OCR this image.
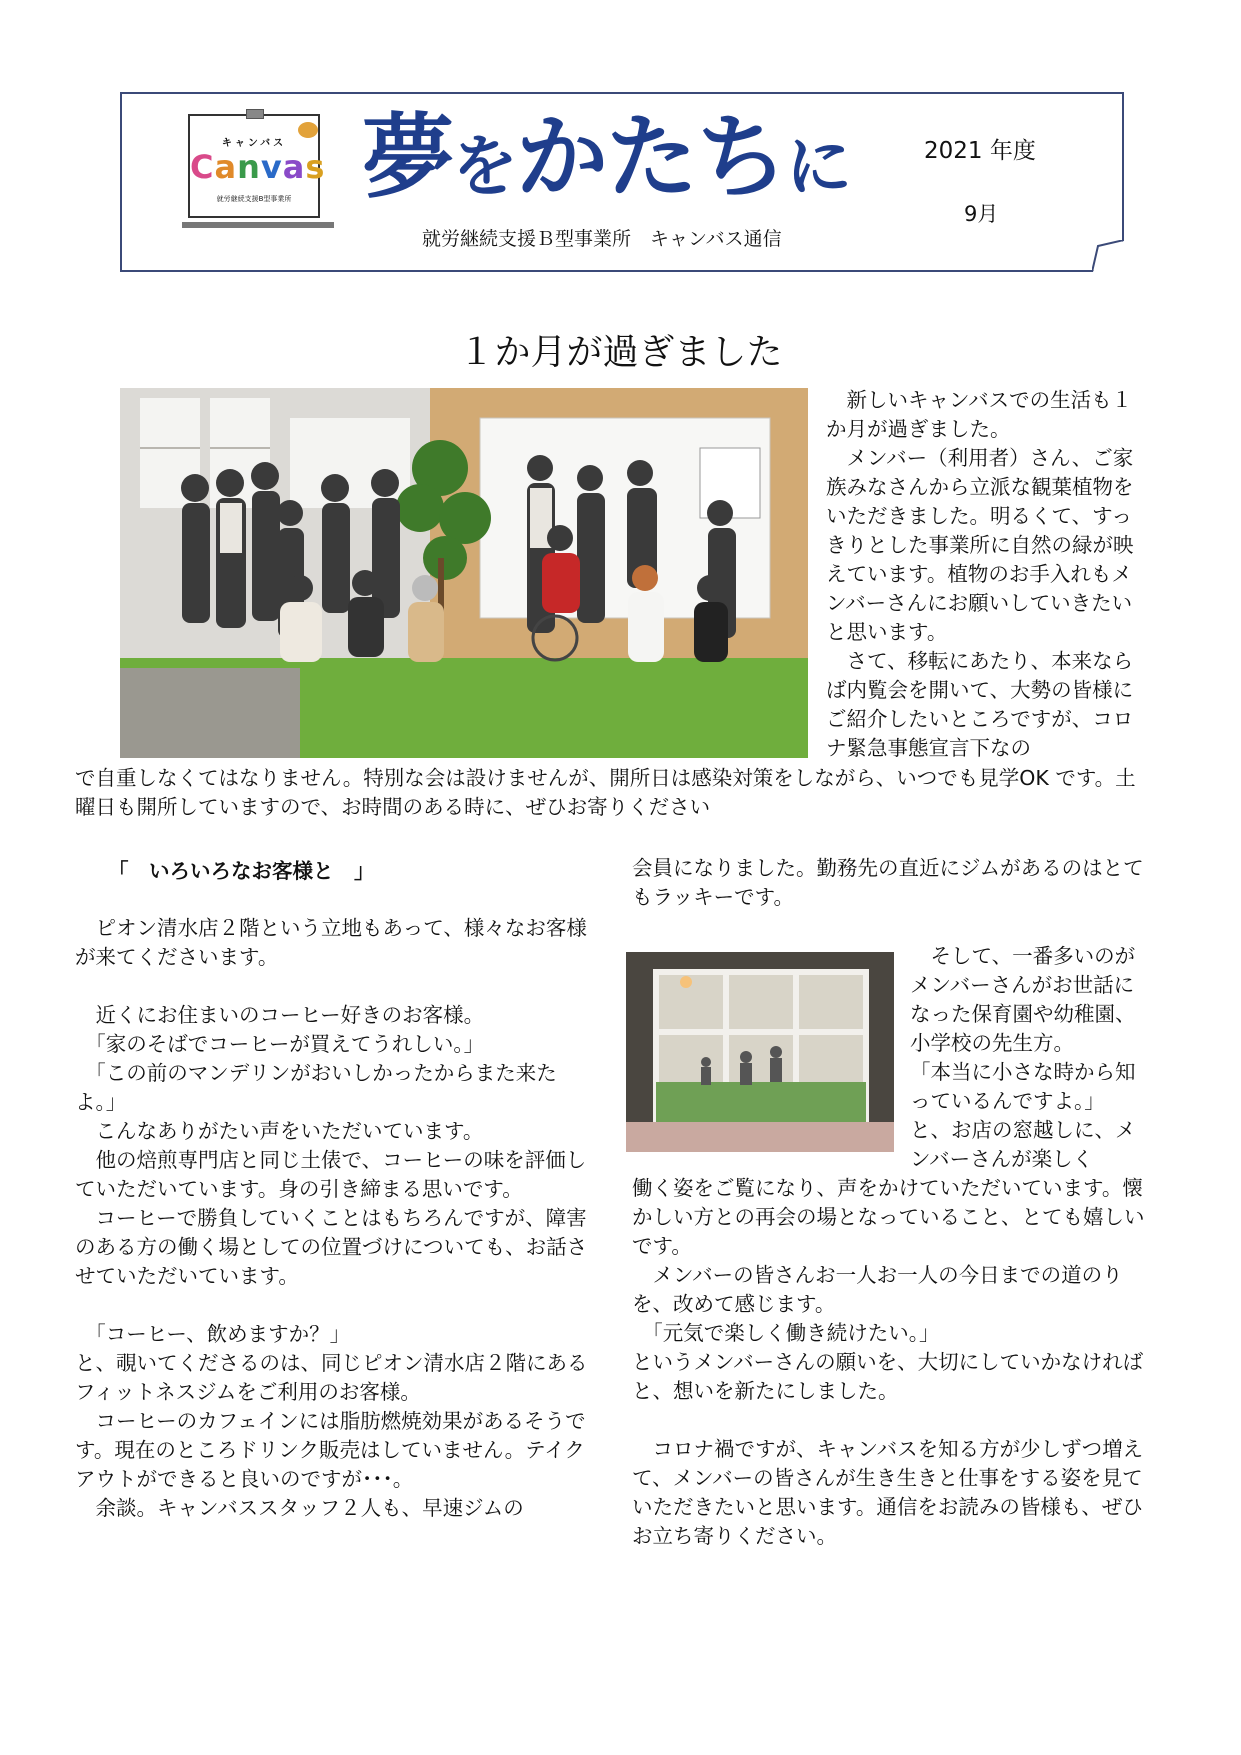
キャンバス
Canvas
就労継続支援B型事業所 夢をかたちに
就労継続支援Ｂ型事業所　キャンバス通信
2021 年度
9月
１か月が過ぎました
　新しいキャンバスでの生活も１か月が過ぎました。
　メンバー（利用者）さん、ご家族みなさんから立派な観葉植物をいただきました。明るくて、すっきりとした事業所に自然の緑が映えています。植物のお手入れもメンバーさんにお願いしていきたいと思います。
　さて、移転にあたり、本来ならば内覧会を開いて、大勢の皆様にご紹介したいところですが、コロナ緊急事態宣言下なの
で自重しなくてはなりません。特別な会は設けませんが、開所日は感染対策をしながら、いつでも見学OK です。土曜日も開所していますので、お時間のある時に、ぜひお寄りください
「　いろいろなお客様と　」

　ピオン清水店２階という立地もあって、様々なお客様が来てくださいます。

　近くにお住まいのコーヒー好きのお客様。

　「家のそばでコーヒーが買えてうれしい。」

　「この前のマンデリンがおいしかったからまた来たよ。」

　こんなありがたい声をいただいています。

　他の焙煎専門店と同じ土俵で、コーヒーの味を評価していただいています。身の引き締まる思いです。

　コーヒーで勝負していくことはもちろんですが、障害のある方の働く場としての位置づけについても、お話させていただいています。

　「コーヒー、飲めますか？」

と、覗いてくださるのは、同じピオン清水店２階にあるフィットネスジムをご利用のお客様。

　コーヒーのカフェインには脂肪燃焼効果があるそうです。現在のところドリンク販売はしていません。テイクアウトができると良いのですが･･･。

　余談。キャンバススタッフ２人も、早速ジムの

会員になりました。勤務先の直近にジムがあるのはとてもラッキーです。

　そして、一番多いのがメンバーさんがお世話になった保育園や幼稚園、小学校の先生方。

「本当に小さな時から知っているんですよ。」

と、お店の窓越しに、メンバーさんが楽しく

働く姿をご覧になり、声をかけていただいています。懐かしい方との再会の場となっていること、とても嬉しいです。

　メンバーの皆さんお一人お一人の今日までの道のりを、改めて感じます。

　「元気で楽しく働き続けたい。」

というメンバーさんの願いを、大切にしていかなければと、想いを新たにしました。

　コロナ禍ですが、キャンバスを知る方が少しずつ増えて、メンバーの皆さんが生き生きと仕事をする姿を見ていただきたいと思います。通信をお読みの皆様も、ぜひお立ち寄りください。
